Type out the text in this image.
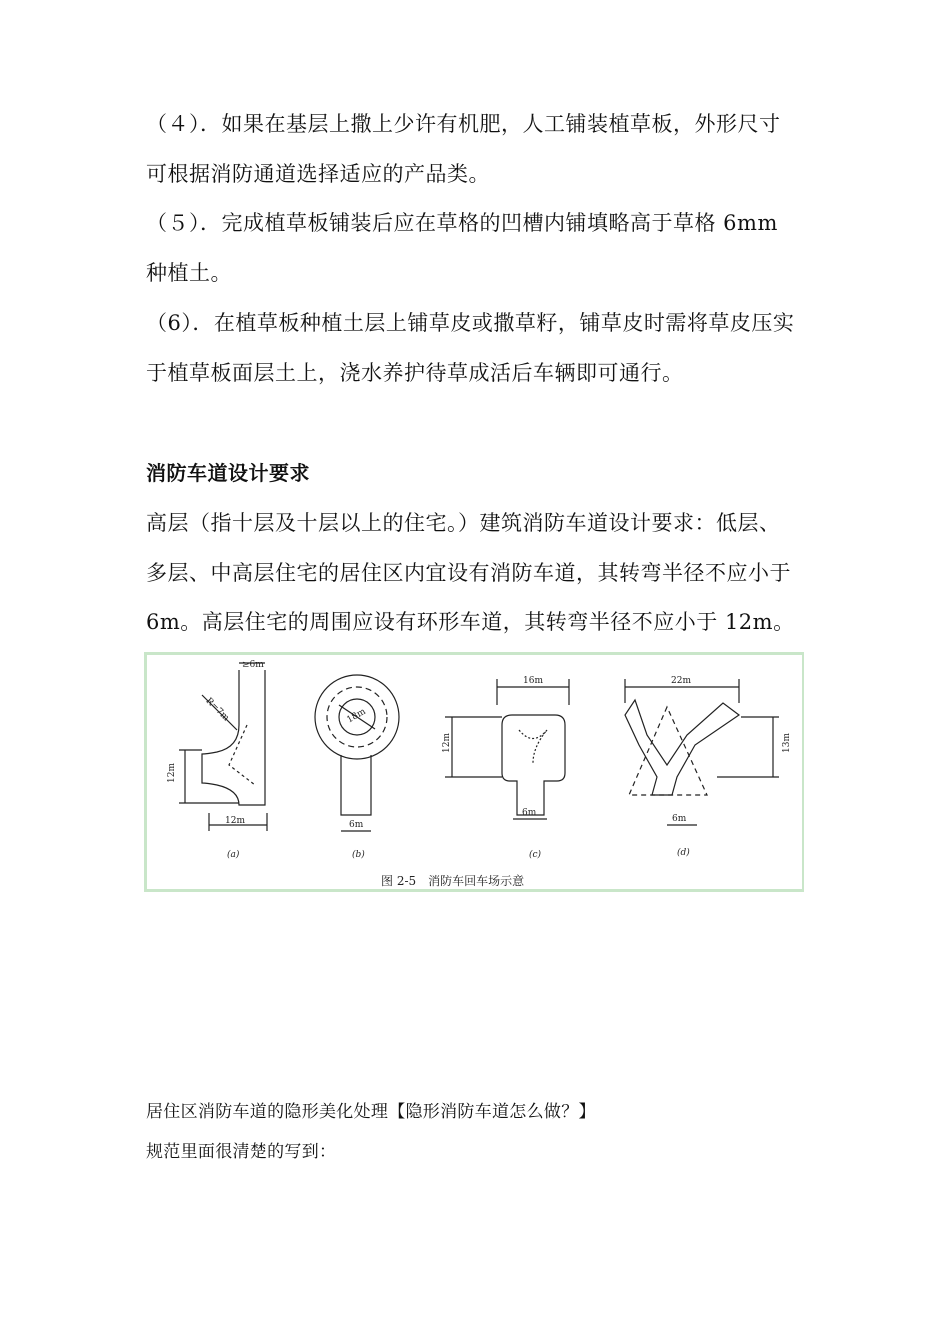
（４）．如果在基层上撒上少许有机肥，人工铺装植草板，外形尺寸

可根据消防通道选择适应的产品类。

（５）．完成植草板铺装后应在草格的凹槽内铺填略高于草格 6mm

种植土。

（6）．在植草板种植土层上铺草皮或撒草籽，铺草皮时需将草皮压实

于植草板面层土上，浇水养护待草成活后车辆即可通行。

消防车道设计要求

高层（指十层及十层以上的住宅。）建筑消防车道设计要求：低层、

多层、中高层住宅的居住区内宜设有消防车道，其转弯半径不应小于

6m。高层住宅的周围应设有环形车道，其转弯半径不应小于 12m。

≥6m
R=7m
12m
12m
(a)
18m
6m
(b)
16m
12m
6m
(c)
22m
13m
6m
(d)
图 2-5　消防车回车场示意

居住区消防车道的隐形美化处理【隐形消防车道怎么做？】

规范里面很清楚的写到：
